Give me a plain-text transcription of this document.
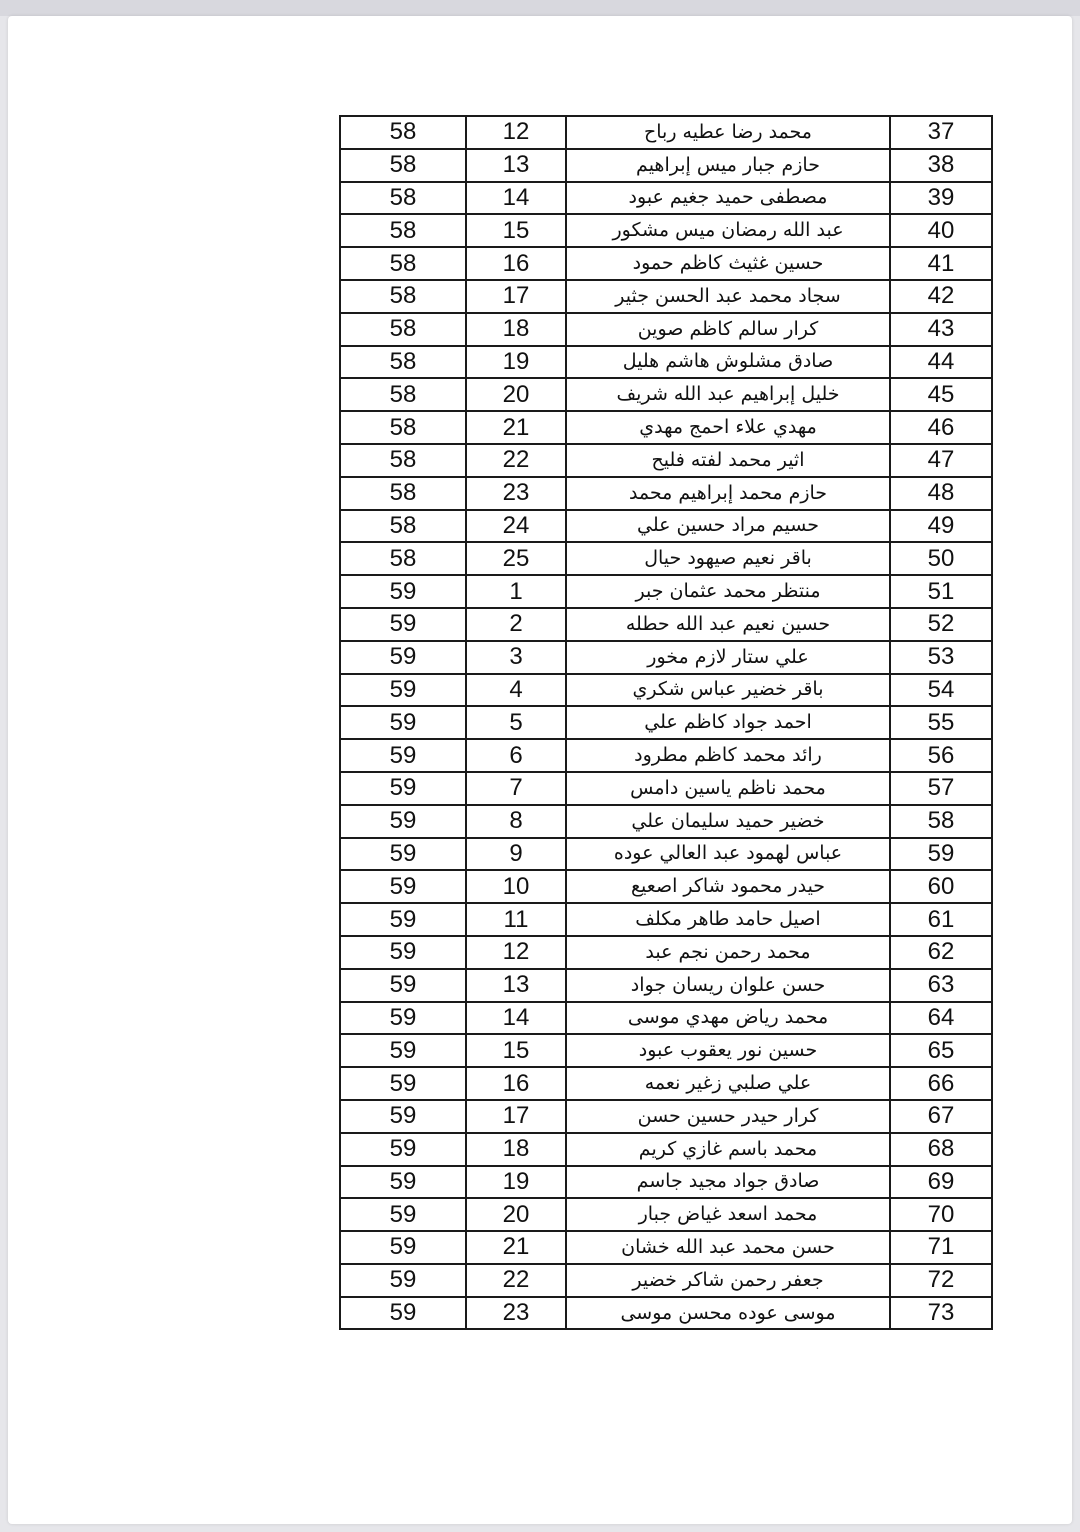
58	12	محمد رضا عطيه رباح	37
58	13	حازم جبار ميس إبراهيم	38
58	14	مصطفى حميد جغيم عبود	39
58	15	عبد الله رمضان ميس مشكور	40
58	16	حسين غثيث كاظم حمود	41
58	17	سجاد محمد عبد الحسن جثير	42
58	18	كرار سالم كاظم صوين	43
58	19	صادق مشلوش هاشم هليل	44
58	20	خليل إبراهيم عبد الله شريف	45
58	21	مهدي علاء احمج مهدي	46
58	22	اثير محمد لفته فليح	47
58	23	حازم محمد إبراهيم محمد	48
58	24	حسيم مراد حسين علي	49
58	25	باقر نعيم صيهود حيال	50
59	1	منتظر محمد عثمان جبر	51
59	2	حسين نعيم عبد الله حطله	52
59	3	علي ستار لازم مخور	53
59	4	باقر خضير عباس شكري	54
59	5	احمد جواد كاظم علي	55
59	6	رائد محمد كاظم مطرود	56
59	7	محمد ناظم ياسين دامس	57
59	8	خضير حميد سليمان علي	58
59	9	عباس لهمود عبد العالي عوده	59
59	10	حيدر محمود شاكر اصعيع	60
59	11	اصيل حامد طاهر مكلف	61
59	12	محمد رحمن نجم عبد	62
59	13	حسن علوان ريسان جواد	63
59	14	محمد رياض مهدي موسى	64
59	15	حسين نور يعقوب عبود	65
59	16	علي صلبي زغير نعمه	66
59	17	كرار حيدر حسين حسن	67
59	18	محمد باسم غازي كريم	68
59	19	صادق جواد مجيد جاسم	69
59	20	محمد اسعد غياض جبار	70
59	21	حسن محمد عبد الله خشان	71
59	22	جعفر رحمن شاكر خضير	72
59	23	موسى عوده محسن موسى	73
